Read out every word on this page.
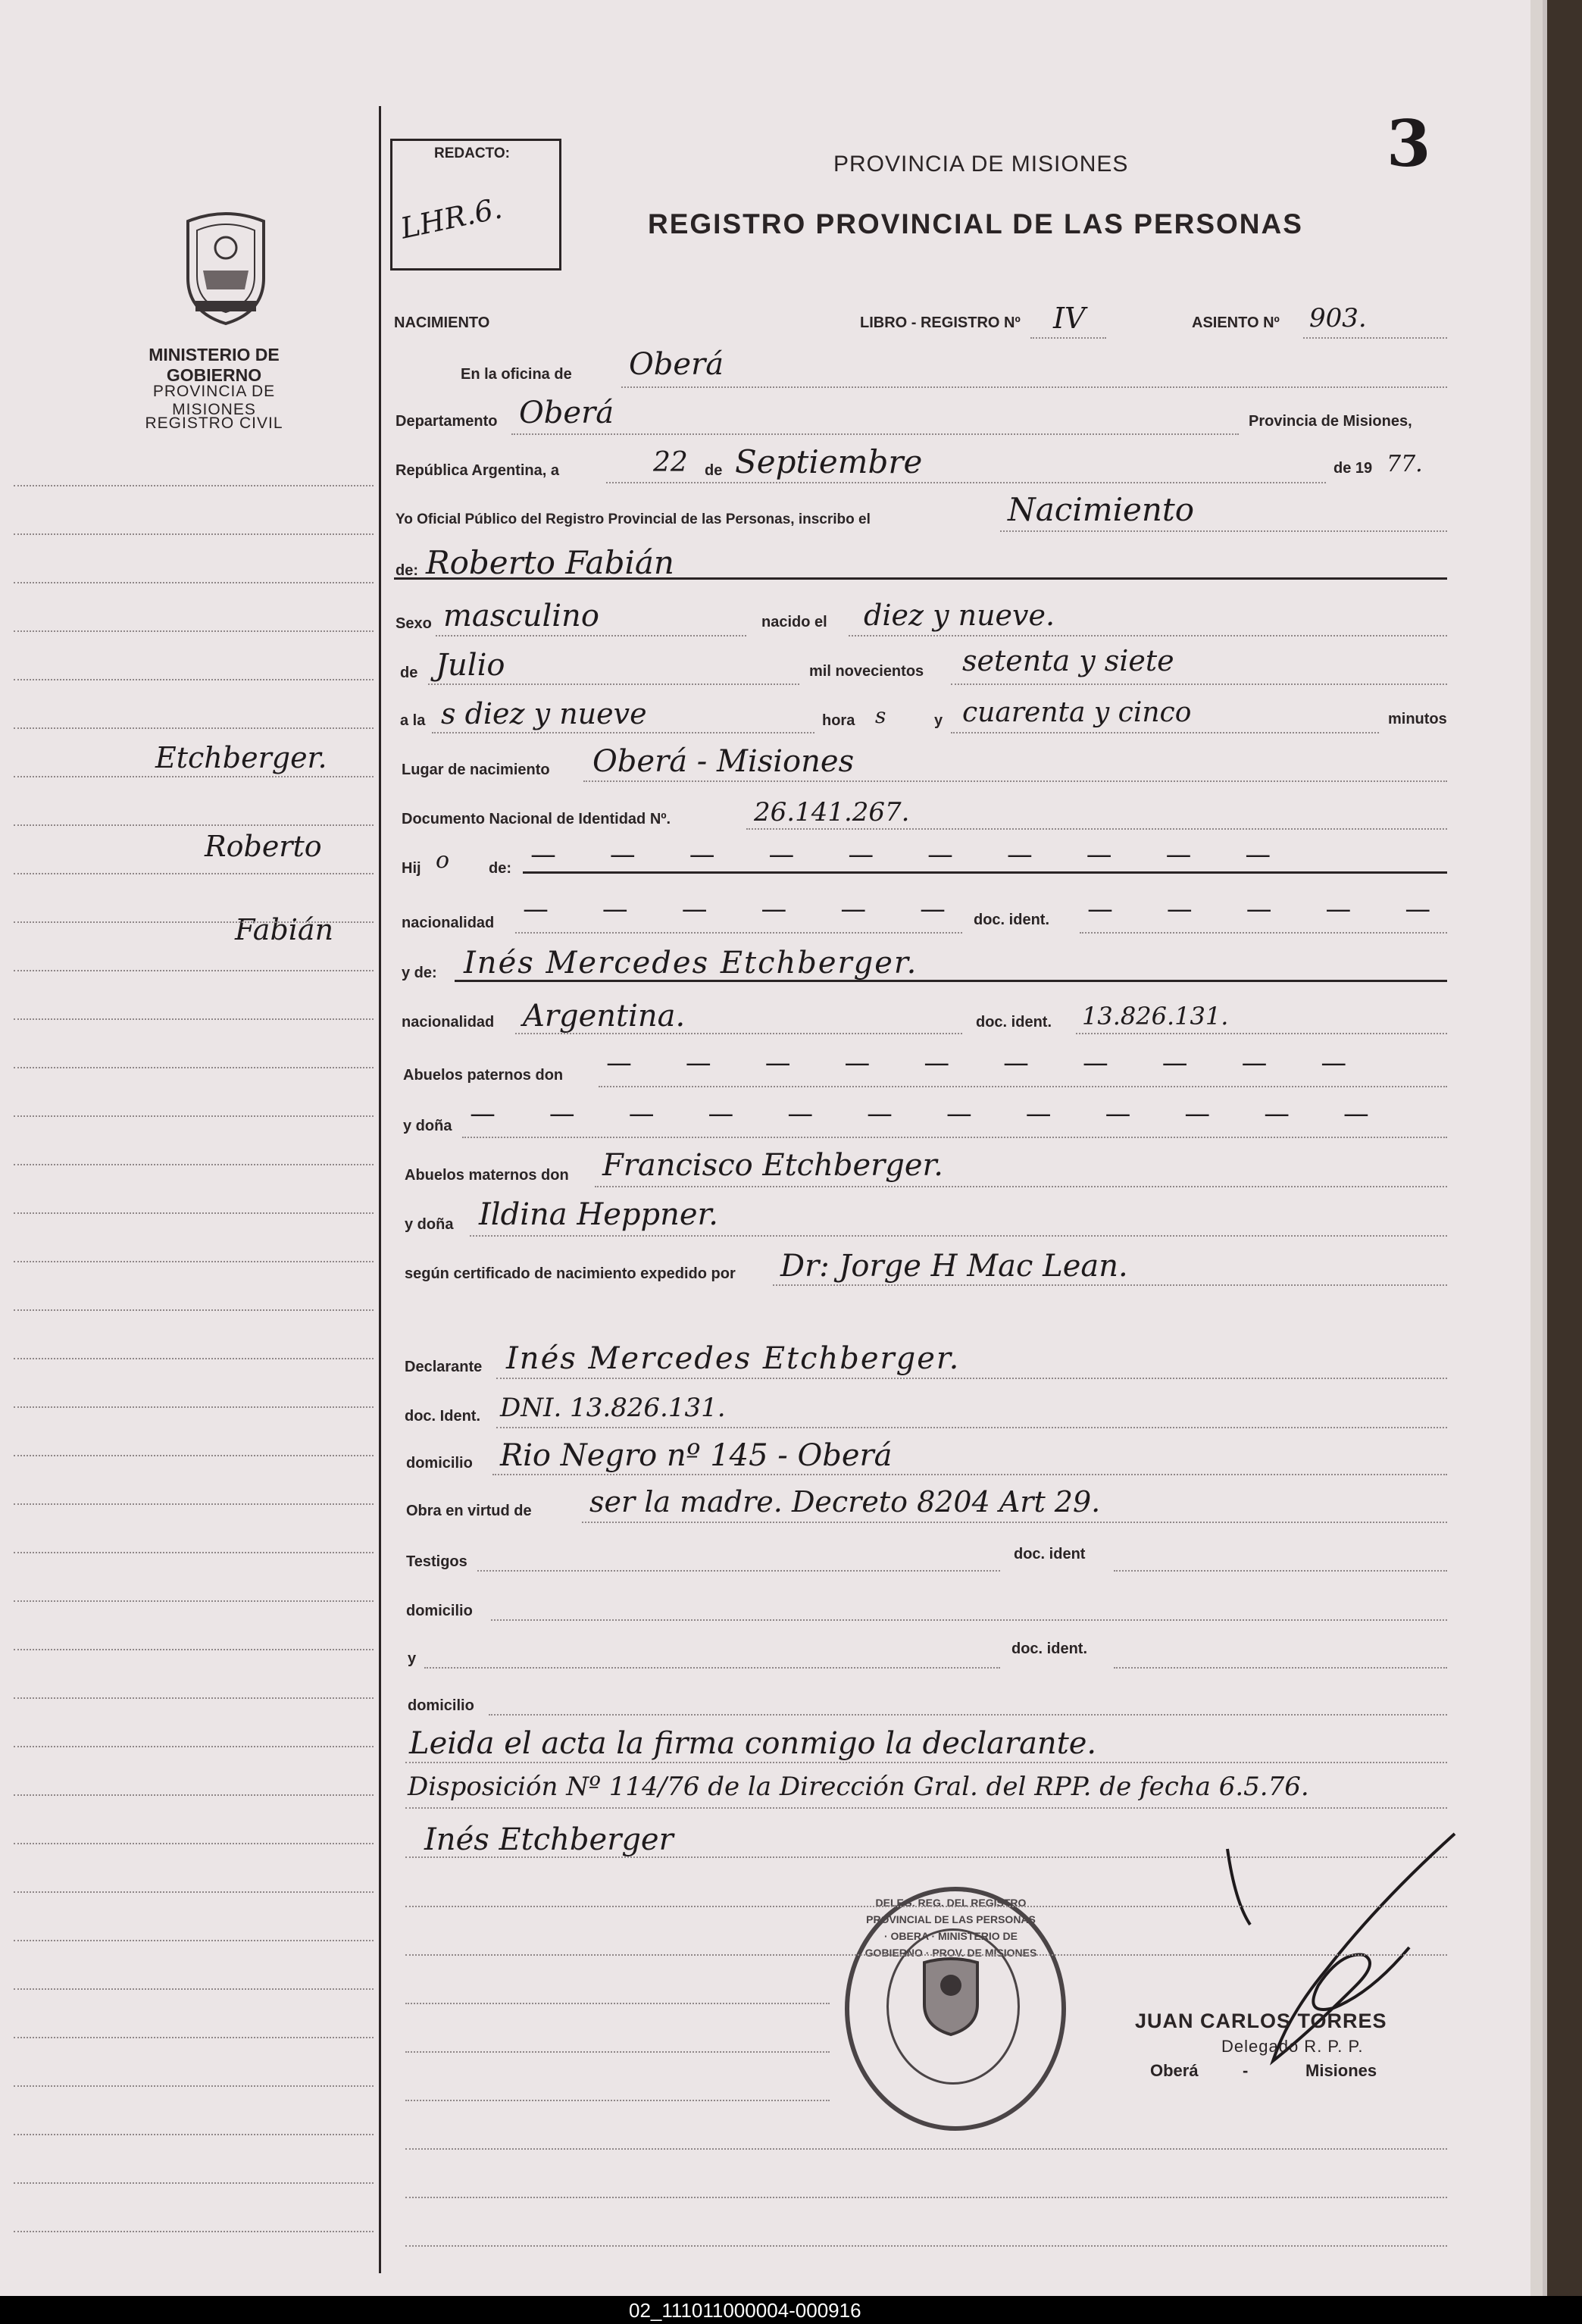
3
REDACTO:
LHR.6.
PROVINCIA DE MISIONES
REGISTRO PROVINCIAL DE LAS PERSONAS
MINISTERIO DE GOBIERNO
PROVINCIA DE MISIONES
REGISTRO CIVIL
Etchberger.
Roberto
Fabián
NACIMIENTO	LIBRO - REGISTRO Nº IV	ASIENTO Nº 903.
En la oficina de Oberá
Departamento Oberá	Provincia de Misiones,
República Argentina, a	22 de Septiembre	de 19 77.
Yo Oficial Público del Registro Provincial de las Personas, inscribo el	Nacimiento
de: Roberto Fabián
Sexo masculino	nacido el diez y nueve.
de Julio	mil novecientos setenta y siete
a la s diez y nueve	hora s	y cuarenta y cinco	minutos
Lugar de nacimiento Oberá - Misiones
Documento Nacional de Identidad Nº.	26.141.267.
Hij o	de: — — — — — — — — — —
nacionalidad — — — — — — doc. ident. — — — — —
y de: Inés Mercedes Etchberger.
nacionalidad Argentina.	doc. ident. 13.826.131.
Abuelos paternos don — — — — — — — — — —
y doña — — — — — — — — — — — —
Abuelos maternos don Francisco Etchberger.
y doña Ildina Heppner.
según certificado de nacimiento expedido por Dr: Jorge H Mac Lean.
Declarante Inés Mercedes Etchberger.
doc. Ident. DNI. 13.826.131.
domicilio Rio Negro nº 145 - Oberá
Obra en virtud de ser la madre. Decreto 8204 Art 29.
Testigos	doc. ident
domicilio
y
doc. ident.
domicilio
Leida el acta la firma conmigo la declarante.
Disposición Nº 114/76 de la Dirección Gral. del RPP. de fecha 6.5.76.
Inés Etchberger
DELEG. REG. DEL REGISTRO PROVINCIAL DE LAS PERSONAS · OBERA · MINISTERIO DE GOBIERNO · PROV. DE MISIONES
JUAN CARLOS TORRES
Delegado R. P. P.
Oberá	-	Misiones
02_111011000004-000916
